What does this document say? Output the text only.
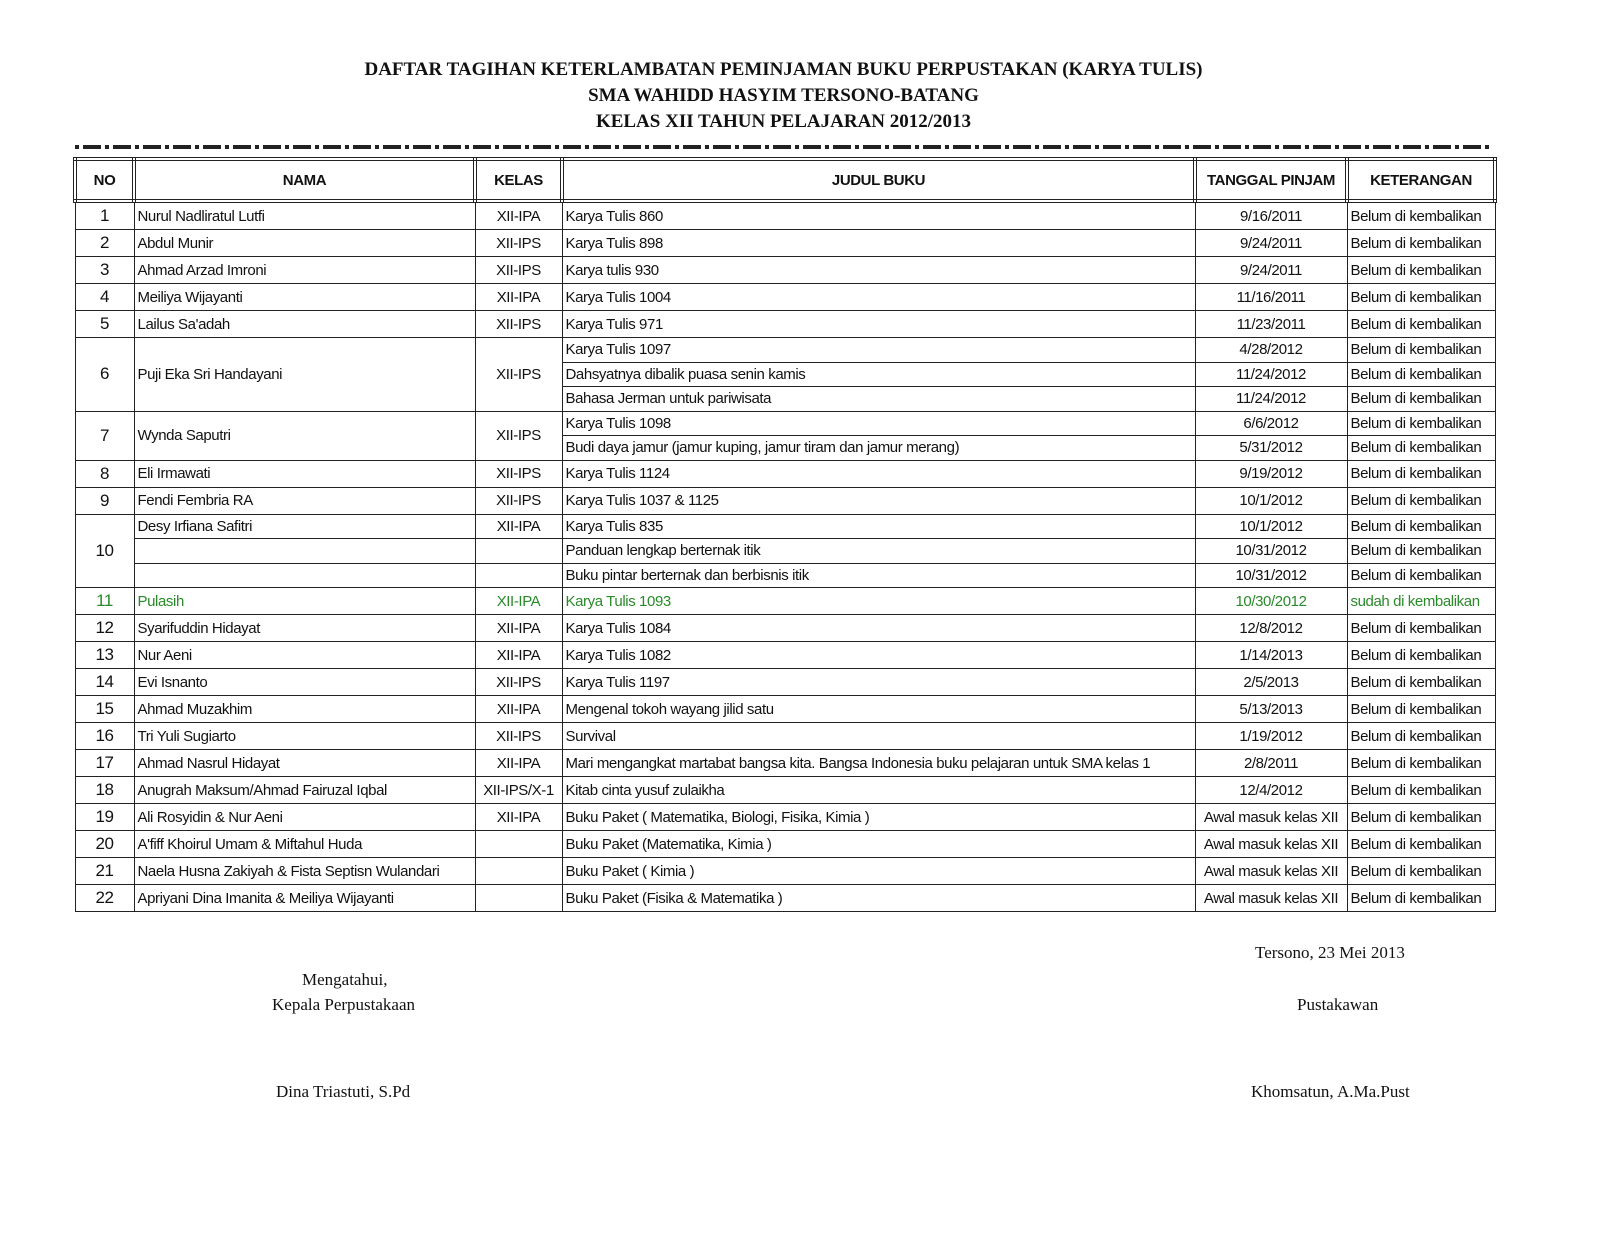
DAFTAR TAGIHAN KETERLAMBATAN PEMINJAMAN BUKU PERPUSTAKAN (KARYA TULIS)
SMA WAHIDD HASYIM TERSONO-BATANG
KELAS XII TAHUN PELAJARAN 2012/2013
NO	NAMA	KELAS	JUDUL BUKU	TANGGAL PINJAM	KETERANGAN
1	Nurul Nadliratul Lutfi	XII-IPA	Karya Tulis 860	9/16/2011	Belum di kembalikan
2	Abdul Munir	XII-IPS	Karya Tulis 898	9/24/2011	Belum di kembalikan
3	Ahmad Arzad Imroni	XII-IPS	Karya tulis 930	9/24/2011	Belum di kembalikan
4	Meiliya Wijayanti	XII-IPA	Karya Tulis 1004	11/16/2011	Belum di kembalikan
5	Lailus Sa'adah	XII-IPS	Karya Tulis 971	11/23/2011	Belum di kembalikan
6	Puji Eka Sri Handayani	XII-IPS	Karya Tulis 1097	4/28/2012	Belum di kembalikan
			Dahsyatnya dibalik puasa senin kamis	11/24/2012	Belum di kembalikan
			Bahasa Jerman untuk pariwisata	11/24/2012	Belum di kembalikan
7	Wynda Saputri	XII-IPS	Karya Tulis 1098	6/6/2012	Belum di kembalikan
			Budi daya jamur (jamur kuping, jamur tiram dan jamur merang)	5/31/2012	Belum di kembalikan
8	Eli Irmawati	XII-IPS	Karya Tulis 1124	9/19/2012	Belum di kembalikan
9	Fendi Fembria RA	XII-IPS	Karya Tulis 1037 & 1125	10/1/2012	Belum di kembalikan
10	Desy Irfiana Safitri	XII-IPA	Karya Tulis 835	10/1/2012	Belum di kembalikan
			Panduan lengkap berternak itik	10/31/2012	Belum di kembalikan
			Buku pintar berternak dan berbisnis itik	10/31/2012	Belum di kembalikan
11	Pulasih	XII-IPA	Karya Tulis 1093	10/30/2012	sudah di kembalikan
12	Syarifuddin Hidayat	XII-IPA	Karya Tulis 1084	12/8/2012	Belum di kembalikan
13	Nur Aeni	XII-IPA	Karya Tulis 1082	1/14/2013	Belum di kembalikan
14	Evi Isnanto	XII-IPS	Karya Tulis 1197	2/5/2013	Belum di kembalikan
15	Ahmad Muzakhim	XII-IPA	Mengenal tokoh wayang jilid satu	5/13/2013	Belum di kembalikan
16	Tri Yuli Sugiarto	XII-IPS	Survival	1/19/2012	Belum di kembalikan
17	Ahmad Nasrul Hidayat	XII-IPA	Mari mengangkat martabat bangsa kita. Bangsa Indonesia buku pelajaran untuk SMA kelas 1	2/8/2011	Belum di kembalikan
18	Anugrah Maksum/Ahmad Fairuzal Iqbal	XII-IPS/X-1	Kitab cinta yusuf zulaikha	12/4/2012	Belum di kembalikan
19	Ali Rosyidin & Nur Aeni	XII-IPA	Buku Paket ( Matematika, Biologi, Fisika, Kimia )	Awal masuk kelas XII	Belum di kembalikan
20	A'fiff Khoirul Umam & Miftahul Huda		Buku Paket (Matematika, Kimia )	Awal masuk kelas XII	Belum di kembalikan
21	Naela Husna Zakiyah & Fista Septisn Wulandari		Buku Paket ( Kimia )	Awal masuk kelas XII	Belum di kembalikan
22	Apriyani Dina Imanita & Meiliya Wijayanti		Buku Paket (Fisika & Matematika )	Awal masuk kelas XII	Belum di kembalikan
Tersono, 23 Mei 2013
Mengatahui,
Kepala Perpustakaan	Pustakawan
Dina Triastuti, S.Pd	Khomsatun, A.Ma.Pust
